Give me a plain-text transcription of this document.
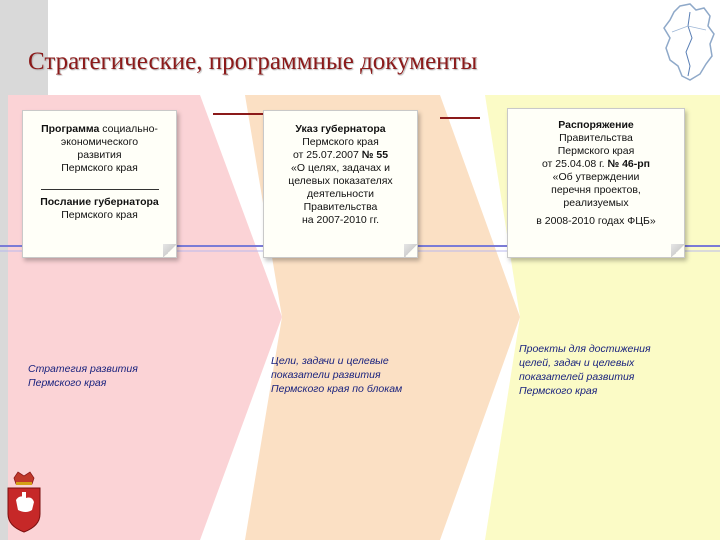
Стратегические, программные документы
Программа социально-
экономического
развития
Пермского края
Послание губернатора
Пермского края
Указ губернатора
Пермского края
от 25.07.2007 № 55
«О целях, задачах и
целевых показателях
деятельности
Правительства
на 2007-2010 гг.
Распоряжение
Правительства
Пермского края
от 25.04.08 г. № 46-рп
«Об утверждении
перечня проектов,
реализуемых
в 2008-2010 годах ФЦБ»
Стратегия развития
Пермского края
Цели, задачи и целевые
показатели развития
Пермского края по блокам
Проекты для достижения
целей, задач и целевых
показателей развития
Пермского края
